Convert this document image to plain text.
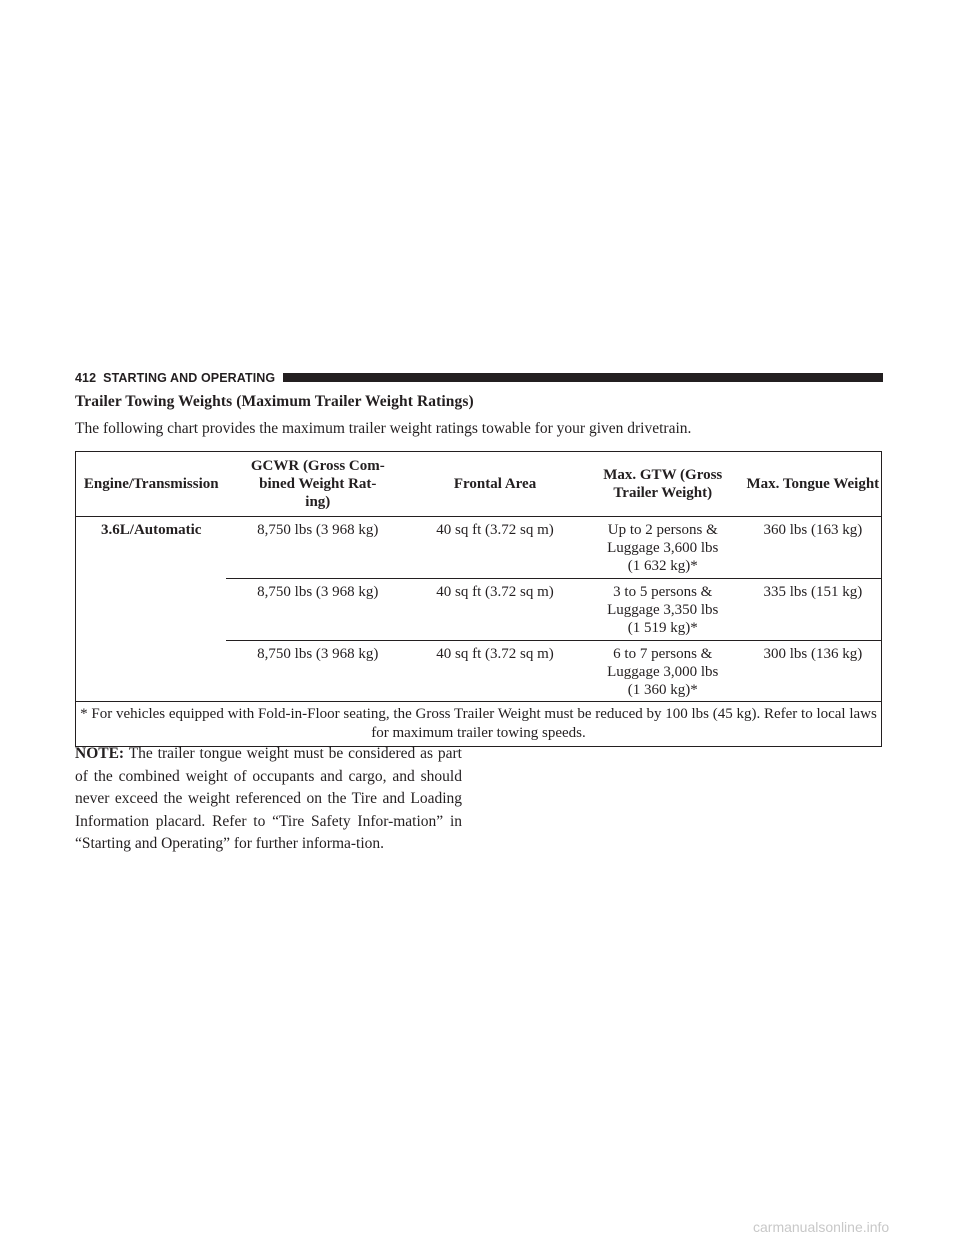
412 STARTING AND OPERATING
Trailer Towing Weights (Maximum Trailer Weight Ratings)
The following chart provides the maximum trailer weight ratings towable for your given drivetrain.
Engine/Transmission	GCWR (Gross Com-
bined Weight Rat-
ing)	Frontal Area	Max. GTW (Gross
Trailer Weight)	Max. Tongue Weight
3.6L/Automatic	8,750 lbs (3 968 kg)	40 sq ft (3.72 sq m)	Up to 2 persons &
Luggage 3,600 lbs
(1 632 kg)*	360 lbs (163 kg)
	8,750 lbs (3 968 kg)	40 sq ft (3.72 sq m)	3 to 5 persons &
Luggage 3,350 lbs
(1 519 kg)*	335 lbs (151 kg)
	8,750 lbs (3 968 kg)	40 sq ft (3.72 sq m)	6 to 7 persons &
Luggage 3,000 lbs
(1 360 kg)*	300 lbs (136 kg)
* For vehicles equipped with Fold-in-Floor seating, the Gross Trailer Weight must be reduced by 100 lbs (45 kg). Refer to local laws for maximum trailer towing speeds.				
NOTE: The trailer tongue weight must be considered as part of the combined weight of occupants and cargo, and should never exceed the weight referenced on the Tire and Loading Information placard. Refer to “Tire Safety Infor-mation” in “Starting and Operating” for further informa-tion.
carmanualsonline.info
